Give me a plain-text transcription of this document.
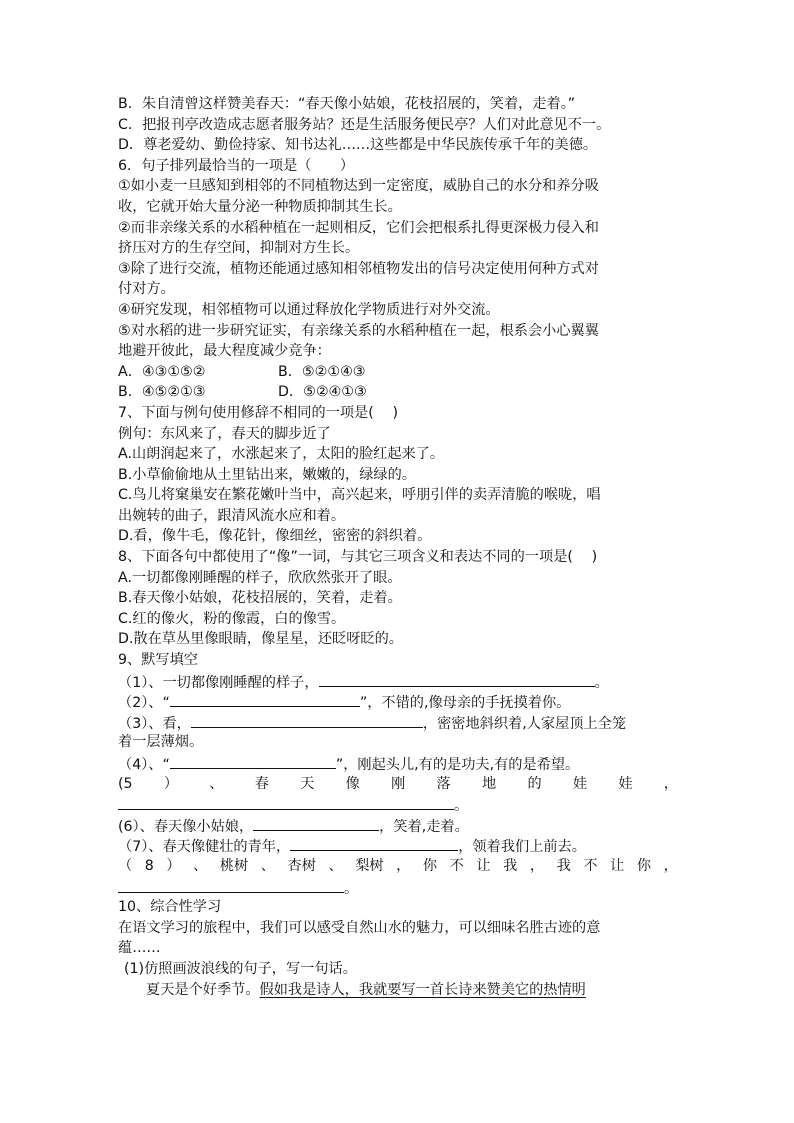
B．朱自清曾这样赞美春天：“春天像小姑娘，花枝招展的，笑着，走着。”
C．把报刊亭改造成志愿者服务站？还是生活服务便民亭？人们对此意见不一。
D．尊老爱幼、勤俭持家、知书达礼……这些都是中华民族传承千年的美德。
6．句子排列最恰当的一项是（　　）
①如小麦一旦感知到相邻的不同植物达到一定密度，威胁自己的水分和养分吸
收，它就开始大量分泌一种物质抑制其生长。
②而非亲缘关系的水稻种植在一起则相反，它们会把根系扎得更深极力侵入和
挤压对方的生存空间，抑制对方生长。
③除了进行交流，植物还能通过感知相邻植物发出的信号决定使用何种方式对
付对方。
④研究发现，相邻植物可以通过释放化学物质进行对外交流。
⑤对水稻的进一步研究证实，有亲缘关系的水稻种植在一起，根系会小心翼翼
地避开彼此，最大程度减少竞争：
A．④③①⑤②	B．⑤②①④③
B．④⑤②①③	D．⑤②④①③
7、下面与例句使用修辞不相同的一项是(　 )
例句：东风来了，春天的脚步近了
A.山朗润起来了，水涨起来了，太阳的脸红起来了。
B.小草偷偷地从土里钻出来，嫩嫩的，绿绿的。
C.鸟儿将窠巢安在繁花嫩叶当中，高兴起来，呼朋引伴的卖弄清脆的喉咙，唱
出婉转的曲子，跟清风流水应和着。
D.看，像牛毛，像花针，像细丝，密密的斜织着。
8、下面各句中都使用了“像”一词，与其它三项含义和表达不同的一项是(　 )
A.一切都像刚睡醒的样子，欣欣然张开了眼。
B.春天像小姑娘，花枝招展的，笑着，走着。
C.红的像火，粉的像霞，白的像雪。
D.散在草丛里像眼睛，像星星，还眨呀眨的。
9、默写填空
（1）、一切都像刚睡醒的样子，	。
（2）、“	”，不错的,像母亲的手抚摸着你。
（3）、看，	，密密地斜织着,人家屋顶上全笼
着一层薄烟。
（4）、“	”，刚起头儿,有的是功夫,有的是希望。
(5 ） 、 春 天 像 刚 落 地 的 娃 娃 ，
。
(6）、春天像小姑娘，	，笑着,走着。
（7）、春天像健壮的青年，	，领着我们上前去。
（ 8 ） 、 桃树 、 杏树 、 梨树 ， 你 不 让 我 ， 我 不 让 你 ，
。
10、综合性学习
在语文学习的旅程中，我们可以感受自然山水的魅力，可以细味名胜古迹的意
蕴……
(1)仿照画波浪线的句子，写一句话。
夏天是个好季节。假如我是诗人，我就要写一首长诗来赞美它的热情明
